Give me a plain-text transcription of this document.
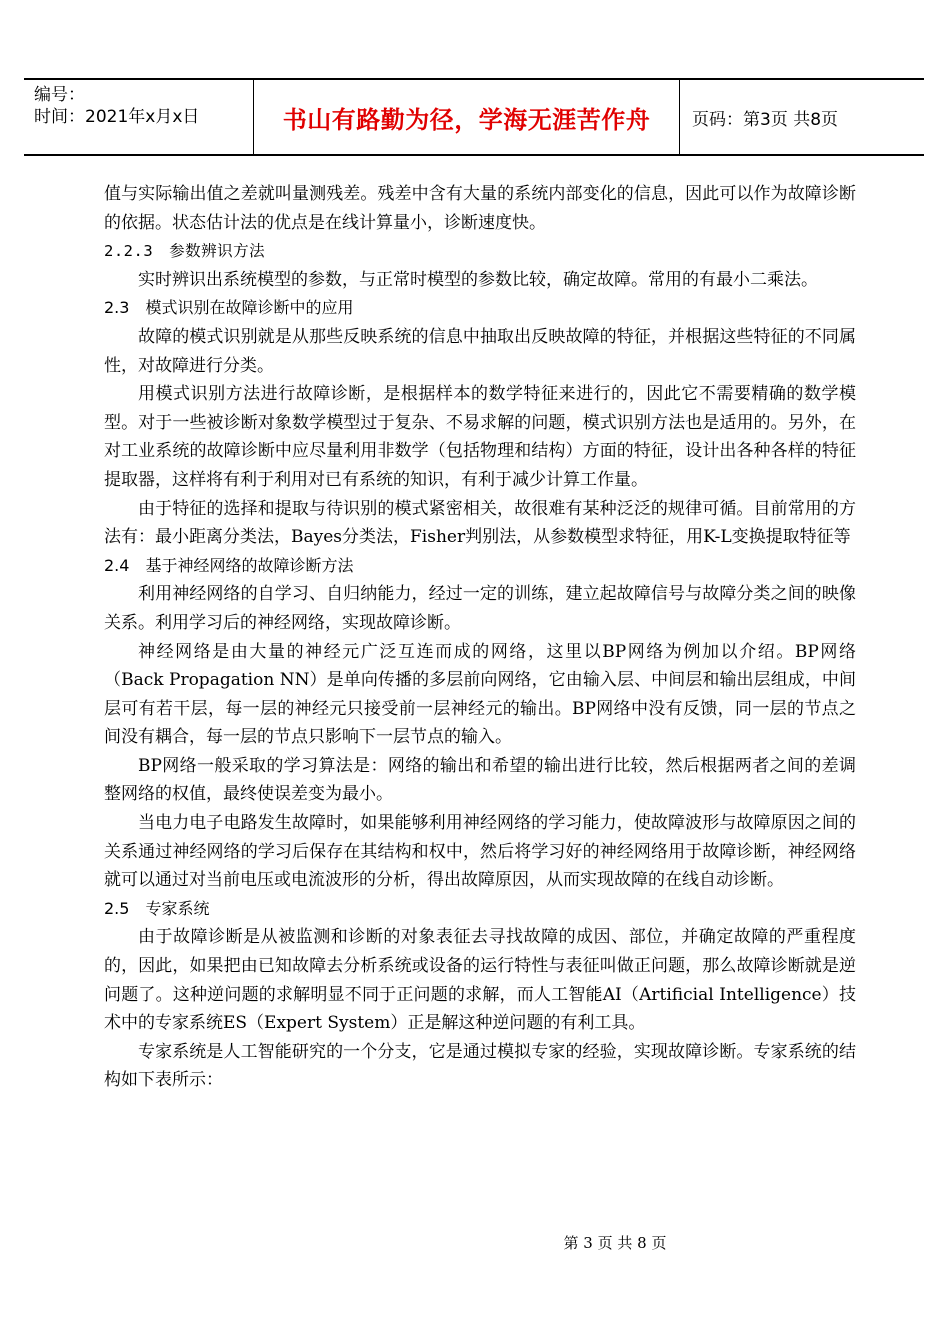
编号：
时间：2021年x月x日	书山有路勤为径，学海无涯苦作舟	页码：第3页 共8页

值与实际输出值之差就叫量测残差。残差中含有大量的系统内部变化的信息，因此可以作为故障诊断的依据。状态估计法的优点是在线计算量小，诊断速度快。

2.2.3　参数辨识方法

实时辨识出系统模型的参数，与正常时模型的参数比较，确定故障。常用的有最小二乘法。

2.3　模式识别在故障诊断中的应用

故障的模式识别就是从那些反映系统的信息中抽取出反映故障的特征，并根据这些特征的不同属性，对故障进行分类。

用模式识别方法进行故障诊断，是根据样本的数学特征来进行的，因此它不需要精确的数学模型。对于一些被诊断对象数学模型过于复杂、不易求解的问题，模式识别方法也是适用的。另外，在对工业系统的故障诊断中应尽量利用非数学（包括物理和结构）方面的特征，设计出各种各样的特征提取器，这样将有利于利用对已有系统的知识，有利于减少计算工作量。

由于特征的选择和提取与待识别的模式紧密相关，故很难有某种泛泛的规律可循。目前常用的方法有：最小距离分类法，Bayes分类法，Fisher判别法，从参数模型求特征，用K-L变换提取特征等

2.4　基于神经网络的故障诊断方法

利用神经网络的自学习、自归纳能力，经过一定的训练，建立起故障信号与故障分类之间的映像关系。利用学习后的神经网络，实现故障诊断。

神经网络是由大量的神经元广泛互连而成的网络，这里以BP网络为例加以介绍。BP网络（Back Propagation NN）是单向传播的多层前向网络，它由输入层、中间层和输出层组成，中间层可有若干层，每一层的神经元只接受前一层神经元的输出。BP网络中没有反馈，同一层的节点之间没有耦合，每一层的节点只影响下一层节点的输入。

BP网络一般采取的学习算法是：网络的输出和希望的输出进行比较，然后根据两者之间的差调整网络的权值，最终使误差变为最小。

当电力电子电路发生故障时，如果能够利用神经网络的学习能力，使故障波形与故障原因之间的关系通过神经网络的学习后保存在其结构和权中，然后将学习好的神经网络用于故障诊断，神经网络就可以通过对当前电压或电流波形的分析，得出故障原因，从而实现故障的在线自动诊断。

2.5　专家系统

由于故障诊断是从被监测和诊断的对象表征去寻找故障的成因、部位，并确定故障的严重程度的，因此，如果把由已知故障去分析系统或设备的运行特性与表征叫做正问题，那么故障诊断就是逆问题了。这种逆问题的求解明显不同于正问题的求解，而人工智能AI（Artificial Intelligence）技术中的专家系统ES（Expert System）正是解这种逆问题的有利工具。

专家系统是人工智能研究的一个分支，它是通过模拟专家的经验，实现故障诊断。专家系统的结构如下表所示：

第 3 页 共 8 页
